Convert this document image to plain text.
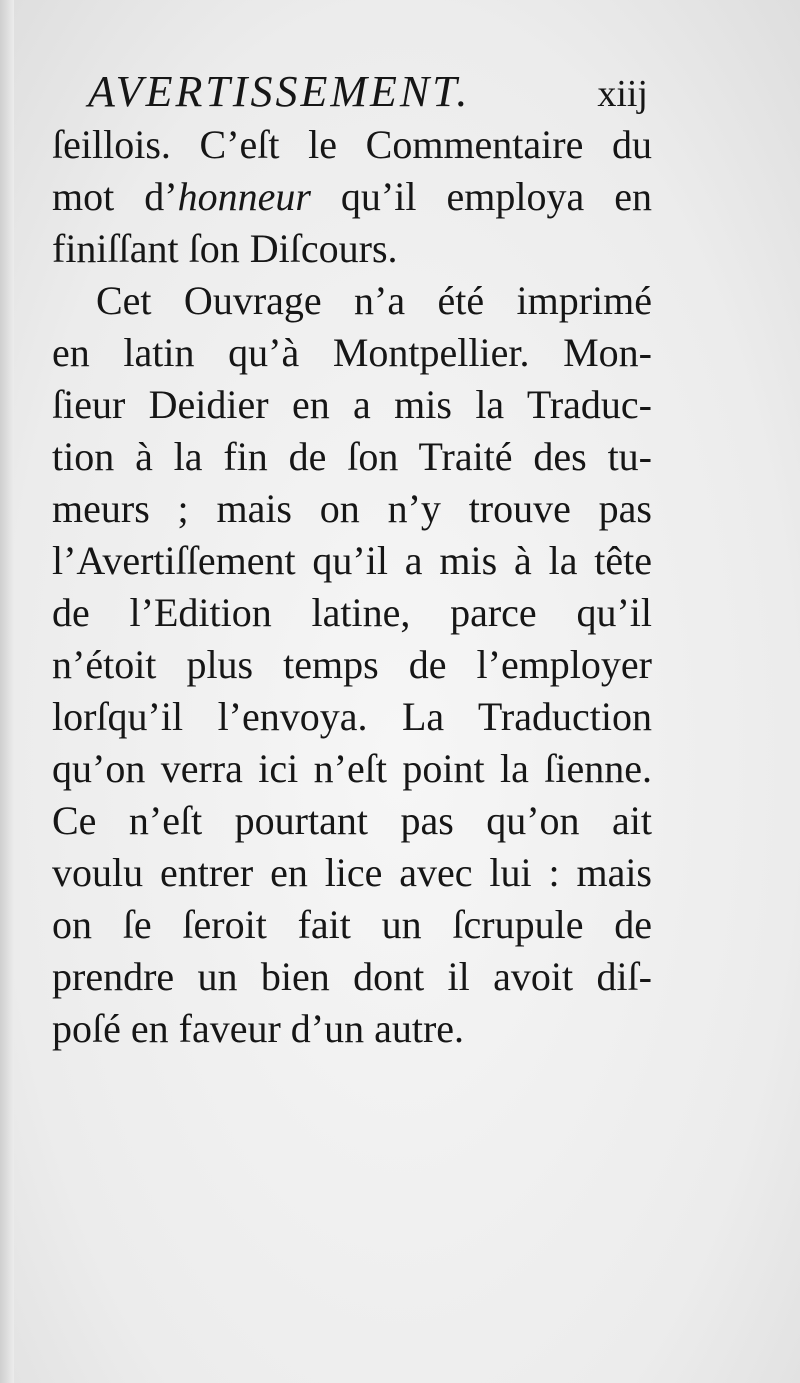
AVERTISSEMENT.	xiij
ſeillois. C’eſt le Commentaire du
mot d’honneur qu’il employa en
finiſſant ſon Diſcours.
Cet Ouvrage n’a été imprimé
en latin qu’à Montpellier. Mon-
ſieur Deidier en a mis la Traduc-
tion à la fin de ſon Traité des tu-
meurs ; mais on n’y trouve pas
l’Avertiſſement qu’il a mis à la tête
de l’Edition latine, parce qu’il
n’étoit plus temps de l’employer
lorſqu’il l’envoya. La Traduction
qu’on verra ici n’eſt point la ſienne.
Ce n’eſt pourtant pas qu’on ait
voulu entrer en lice avec lui : mais
on ſe ſeroit fait un ſcrupule de
prendre un bien dont il avoit diſ-
poſé en faveur d’un autre.
